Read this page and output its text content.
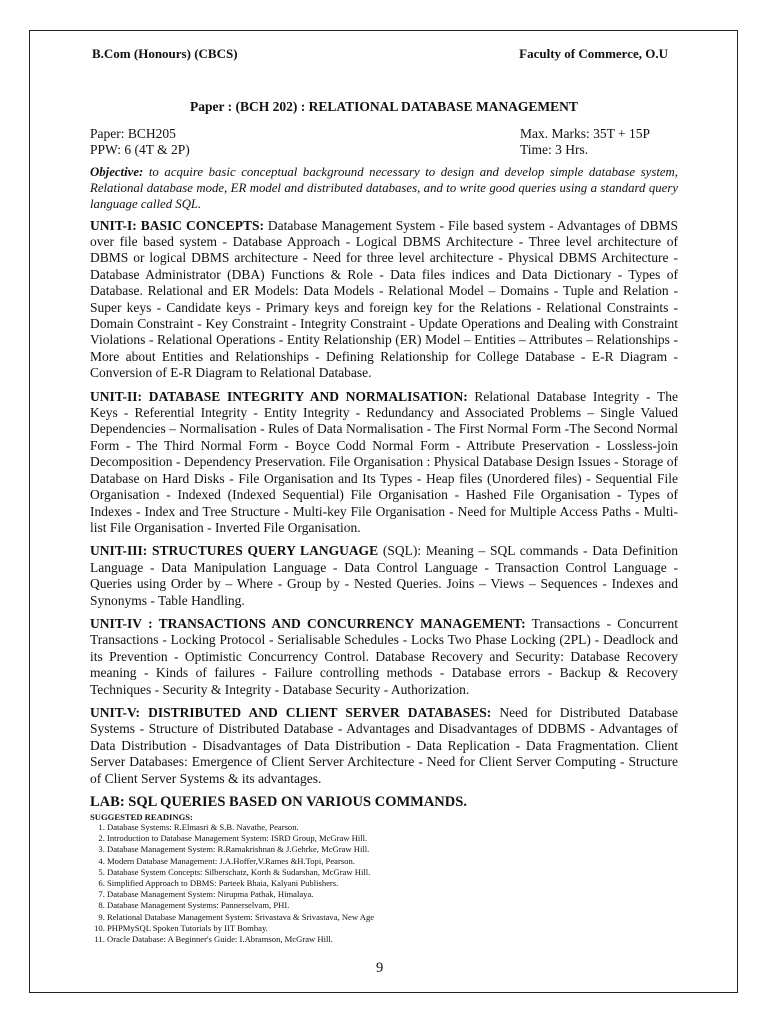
B.Com (Honours) (CBCS)	Faculty of Commerce, O.U
Paper : (BCH 202) : RELATIONAL DATABASE MANAGEMENT
Paper: BCH205
PPW: 6 (4T & 2P)
Max. Marks: 35T + 15P
Time: 3 Hrs.
Objective: to acquire basic conceptual background necessary to design and develop simple database system, Relational database mode, ER model and distributed databases, and to write good queries using a standard query language called SQL.
UNIT-I: BASIC CONCEPTS: Database Management System - File based system - Advantages of DBMS over file based system - Database Approach - Logical DBMS Architecture - Three level architecture of DBMS or logical DBMS architecture - Need for three level architecture - Physical DBMS Architecture - Database Administrator (DBA) Functions & Role - Data files indices and Data Dictionary - Types of Database. Relational and ER Models: Data Models - Relational Model – Domains - Tuple and Relation - Super keys - Candidate keys - Primary keys and foreign key for the Relations - Relational Constraints - Domain Constraint - Key Constraint - Integrity Constraint - Update Operations and Dealing with Constraint Violations - Relational Operations - Entity Relationship (ER) Model – Entities – Attributes – Relationships - More about Entities and Relationships - Defining Relationship for College Database - E-R Diagram - Conversion of E-R Diagram to Relational Database.
UNIT-II: DATABASE INTEGRITY AND NORMALISATION: Relational Database Integrity - The Keys - Referential Integrity - Entity Integrity - Redundancy and Associated Problems – Single Valued Dependencies – Normalisation - Rules of Data Normalisation - The First Normal Form -The Second Normal Form - The Third Normal Form - Boyce Codd Normal Form - Attribute Preservation - Lossless-join Decomposition - Dependency Preservation. File Organisation : Physical Database Design Issues - Storage of Database on Hard Disks - File Organisation and Its Types - Heap files (Unordered files) - Sequential File Organisation - Indexed (Indexed Sequential) File Organisation - Hashed File Organisation - Types of Indexes - Index and Tree Structure - Multi-key File Organisation - Need for Multiple Access Paths - Multi-list File Organisation - Inverted File Organisation.
UNIT-III: STRUCTURES QUERY LANGUAGE (SQL): Meaning – SQL commands - Data Definition Language - Data Manipulation Language - Data Control Language - Transaction Control Language - Queries using Order by – Where - Group by - Nested Queries. Joins – Views – Sequences - Indexes and Synonyms - Table Handling.
UNIT-IV : TRANSACTIONS AND CONCURRENCY MANAGEMENT: Transactions - Concurrent Transactions - Locking Protocol - Serialisable Schedules - Locks Two Phase Locking (2PL) - Deadlock and its Prevention - Optimistic Concurrency Control. Database Recovery and Security: Database Recovery meaning - Kinds of failures - Failure controlling methods - Database errors - Backup & Recovery Techniques - Security & Integrity - Database Security - Authorization.
UNIT-V: DISTRIBUTED AND CLIENT SERVER DATABASES: Need for Distributed Database Systems - Structure of Distributed Database - Advantages and Disadvantages of DDBMS - Advantages of Data Distribution - Disadvantages of Data Distribution - Data Replication - Data Fragmentation. Client Server Databases: Emergence of Client Server Architecture - Need for Client Server Computing - Structure of Client Server Systems & its advantages.
LAB: SQL QUERIES BASED ON VARIOUS COMMANDS.
SUGGESTED READINGS:
1. Database Systems: R.Elmasri & S.B. Navathe, Pearson.
2. Introduction to Database Management System: ISRD Group, McGraw Hill.
3. Database Management System: R.Ramakrishnan & J.Gehrke, McGraw Hill.
4. Modern Database Management: J.A.Hoffer,V.Rames &H.Topi, Pearson.
5. Database System Concepts: Silberschatz, Korth & Sudarshan, McGraw Hill.
6. Simplified Approach to DBMS: Parteek Bhaia, Kalyani Publishers.
7. Database Management System: Nirupma Pathak, Himalaya.
8. Database Management Systems: Pannerselvam, PHI.
9. Relational Database Management System: Srivastava & Srivastava, New Age
10. PHPMySQL Spoken Tutorials by IIT Bombay.
11. Oracle Database: A Beginner's Guide: I.Abramson, McGraw Hill.
9
